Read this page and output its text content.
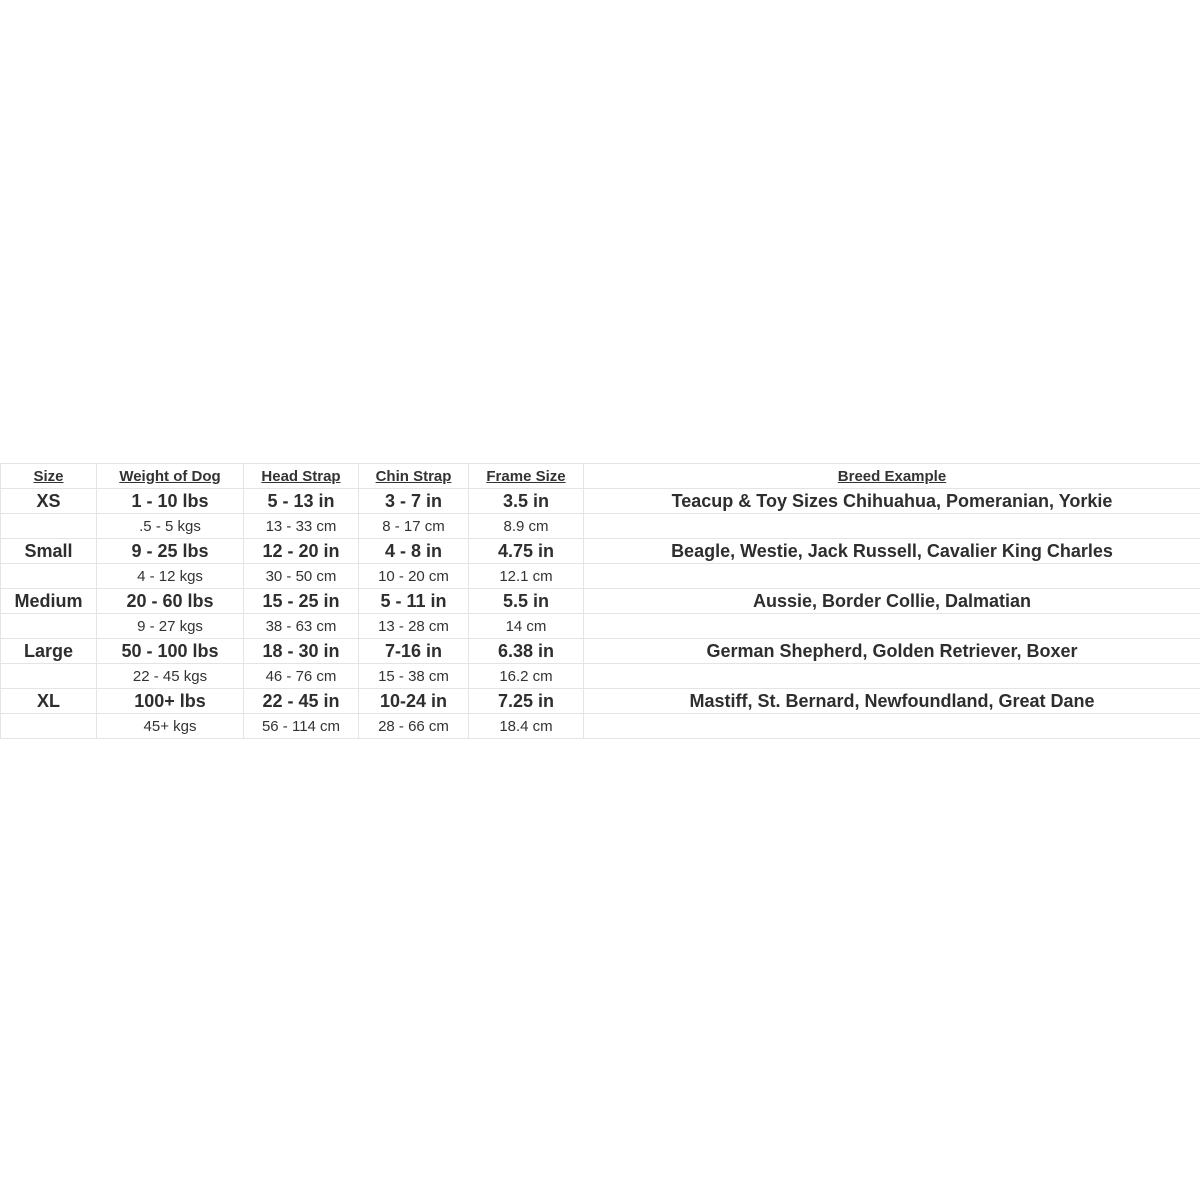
Size	Weight of Dog	Head Strap	Chin Strap	Frame Size	Breed Example
XS	1 - 10 lbs	5 - 13 in	3 - 7 in	3.5 in	Teacup & Toy Sizes Chihuahua, Pomeranian, Yorkie
	.5 - 5 kgs	13 - 33 cm	8 - 17 cm	8.9 cm	
Small	9 - 25 lbs	12 - 20 in	4 - 8 in	4.75 in	Beagle, Westie, Jack Russell, Cavalier King Charles
	4 - 12 kgs	30 - 50 cm	10 - 20 cm	12.1 cm	
Medium	20 - 60 lbs	15 - 25 in	5 - 11 in	5.5 in	Aussie, Border Collie, Dalmatian
	9 - 27 kgs	38 - 63 cm	13 - 28 cm	14 cm	
Large	50 - 100 lbs	18 - 30 in	7-16 in	6.38 in	German Shepherd, Golden Retriever, Boxer
	22 - 45 kgs	46 - 76 cm	15 - 38 cm	16.2 cm	
XL	100+ lbs	22 - 45 in	10-24 in	7.25 in	Mastiff, St. Bernard, Newfoundland, Great Dane
	45+ kgs	56 - 114 cm	28 - 66 cm	18.4 cm	
